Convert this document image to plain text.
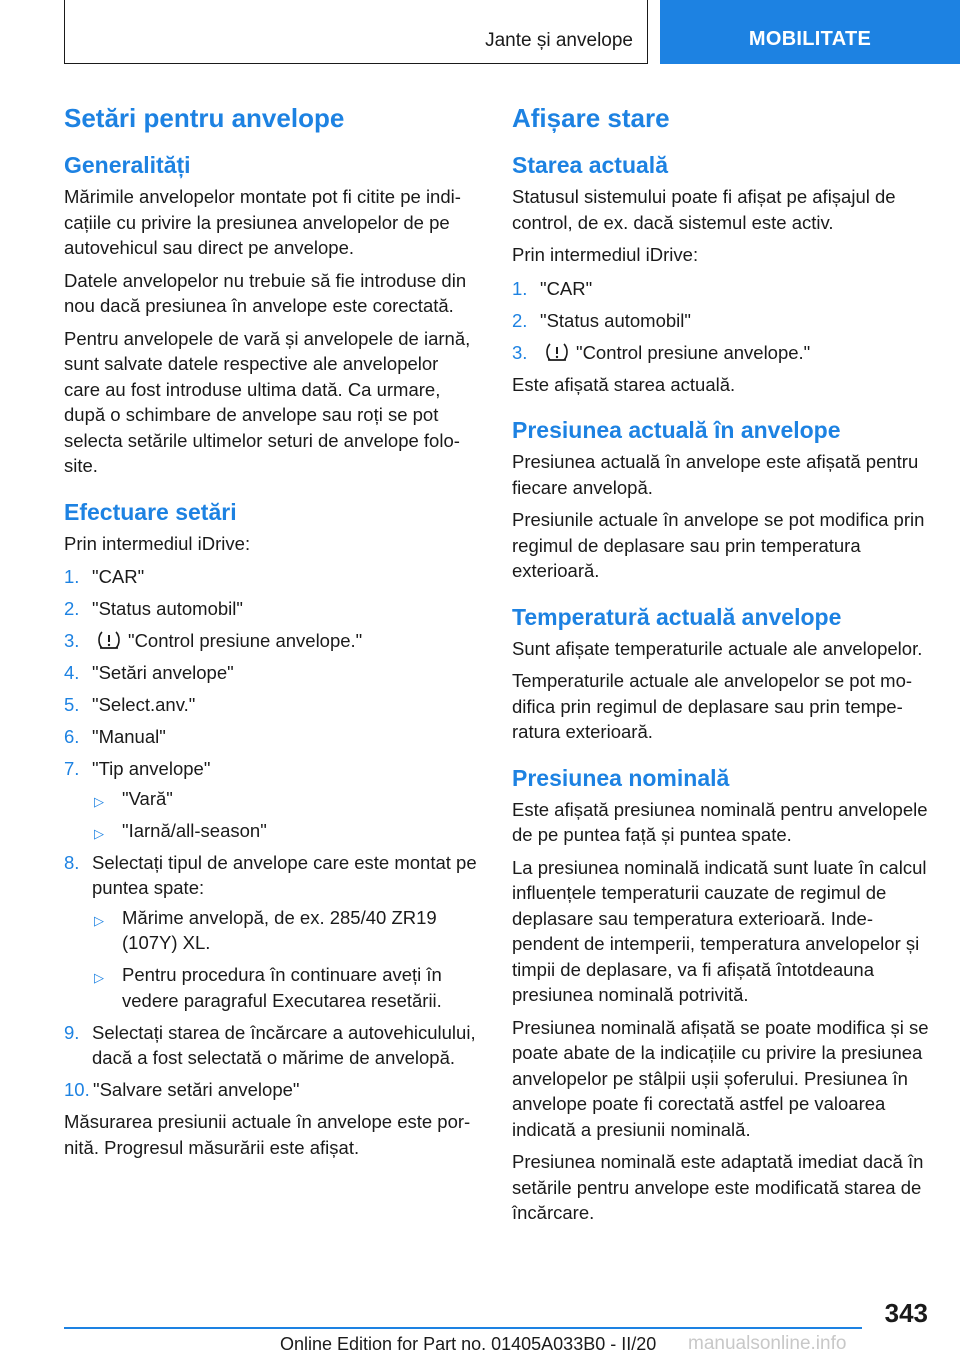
Jante și anvelope	MOBILITATE
Setări pentru anvelope
Generalități

Mărimile anvelopelor montate pot fi citite pe indicațiile cu privire la presiunea anvelopelor de pe autovehicul sau direct pe anvelope.

Datele anvelopelor nu trebuie să fie introduse din nou dacă presiunea în anvelope este corectată.

Pentru anvelopele de vară și anvelopele de iarnă, sunt salvate datele respective ale anvelopelor care au fost introduse ultima dată. Ca urmare, după o schimbare de anvelope sau roți se pot selecta setările ultimelor seturi de anvelope folosite.

Efectuare setări

Prin intermediul iDrive:

1. "CAR"
2. "Status automobil"
3.	"Control presiune anvelope."
4. "Setări anvelope"
5. "Select.anv."
6. "Manual"
7. "Tip anvelope"
▷ "Vară"
▷ "Iarnă/all-season"
8. Selectați tipul de anvelope care este montat pe puntea spate:
▷ Mărime anvelopă, de ex. 285/40 ZR19 (107Y) XL.
▷ Pentru procedura în continuare aveți în vedere paragraful Executarea resetării.
9. Selectați starea de încărcare a autovehiculului, dacă a fost selectată o mărime de anvelopă.
10. "Salvare setări anvelope"

Măsurarea presiunii actuale în anvelope este pornită. Progresul măsurării este afișat.

Afișare stare
Starea actuală

Statusul sistemului poate fi afișat pe afișajul de control, de ex. dacă sistemul este activ.

Prin intermediul iDrive:

1. "CAR"
2. "Status automobil"
3.	"Control presiune anvelope."

Este afișată starea actuală.

Presiunea actuală în anvelope

Presiunea actuală în anvelope este afișată pentru fiecare anvelopă.

Presiunile actuale în anvelope se pot modifica prin regimul de deplasare sau prin temperatura exterioară.

Temperatură actuală anvelope

Sunt afișate temperaturile actuale ale anvelopelor.

Temperaturile actuale ale anvelopelor se pot modifica prin regimul de deplasare sau prin temperatura exterioară.

Presiunea nominală

Este afișată presiunea nominală pentru anvelopele de pe puntea față și puntea spate.

La presiunea nominală indicată sunt luate în calcul influențele temperaturii cauzate de regimul de deplasare sau temperatura exterioară. Independent de intemperii, temperatura anvelopelor și timpii de deplasare, va fi afișată întotdeauna presiunea nominală potrivită.

Presiunea nominală afișată se poate modifica și se poate abate de la indicațiile cu privire la presiunea anvelopelor pe stâlpii ușii șoferului. Presiunea în anvelope poate fi corectată astfel pe valoarea indicată a presiunii nominală.

Presiunea nominală este adaptată imediat dacă în setările pentru anvelope este modificată starea de încărcare.

343
Online Edition for Part no. 01405A033B0 - II/20 manualsonline.info
